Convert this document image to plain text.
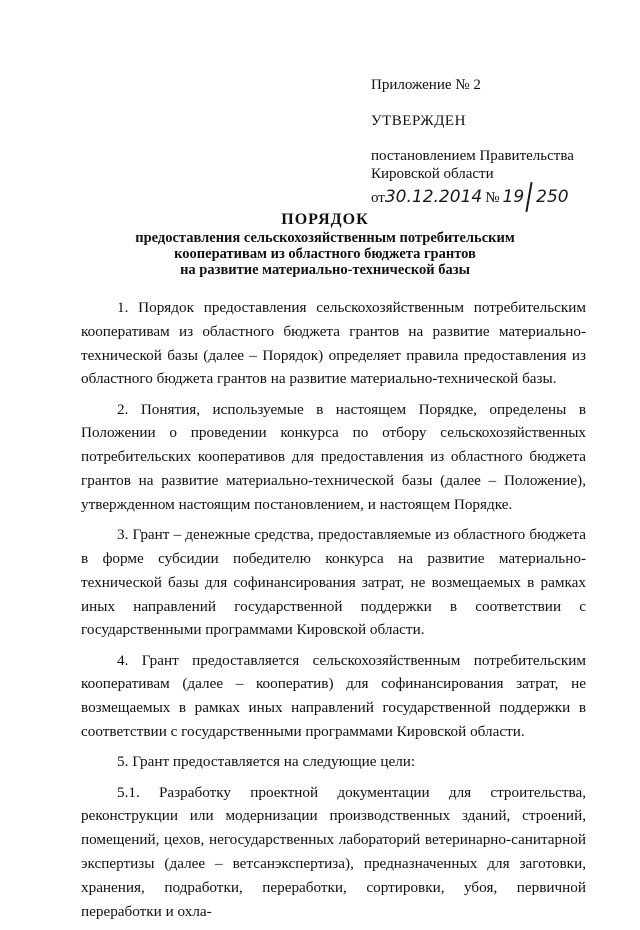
Приложение № 2
УТВЕРЖДЕН
постановлением Правительства
Кировской области
от30.12.2014 № 19 250
ПОРЯДОК
предоставления сельскохозяйственным потребительским
кооперативам из областного бюджета грантов
на развитие материально-технической базы

1. Порядок предоставления сельскохозяйственным потребительским кооперативам из областного бюджета грантов на развитие материально-технической базы (далее – Порядок) определяет правила предоставления из областного бюджета грантов на развитие материально-технической базы.

2. Понятия, используемые в настоящем Порядке, определены в Положении о проведении конкурса по отбору сельскохозяйственных потребительских кооперативов для предоставления из областного бюджета грантов на развитие материально-технической базы (далее – Положение), утвержденном настоящим постановлением, и настоящем Порядке.

3. Грант – денежные средства, предоставляемые из областного бюджета в форме субсидии победителю конкурса на развитие материально-технической базы для софинансирования затрат, не возмещаемых в рамках иных направлений государственной поддержки в соответствии с государственными программами Кировской области.

4. Грант предоставляется сельскохозяйственным потребительским кооперативам (далее – кооператив) для софинансирования затрат, не возмещаемых в рамках иных направлений государственной поддержки в соответствии с государственными программами Кировской области.

5. Грант предоставляется на следующие цели:

5.1. Разработку проектной документации для строительства, реконструкции или модернизации производственных зданий, строений, помещений, цехов, негосударственных лабораторий ветеринарно-санитарной экспертизы (далее – ветсанэкспертиза), предназначенных для заготовки, хранения, подработки, переработки, сортировки, убоя, первичной переработки и охла-
